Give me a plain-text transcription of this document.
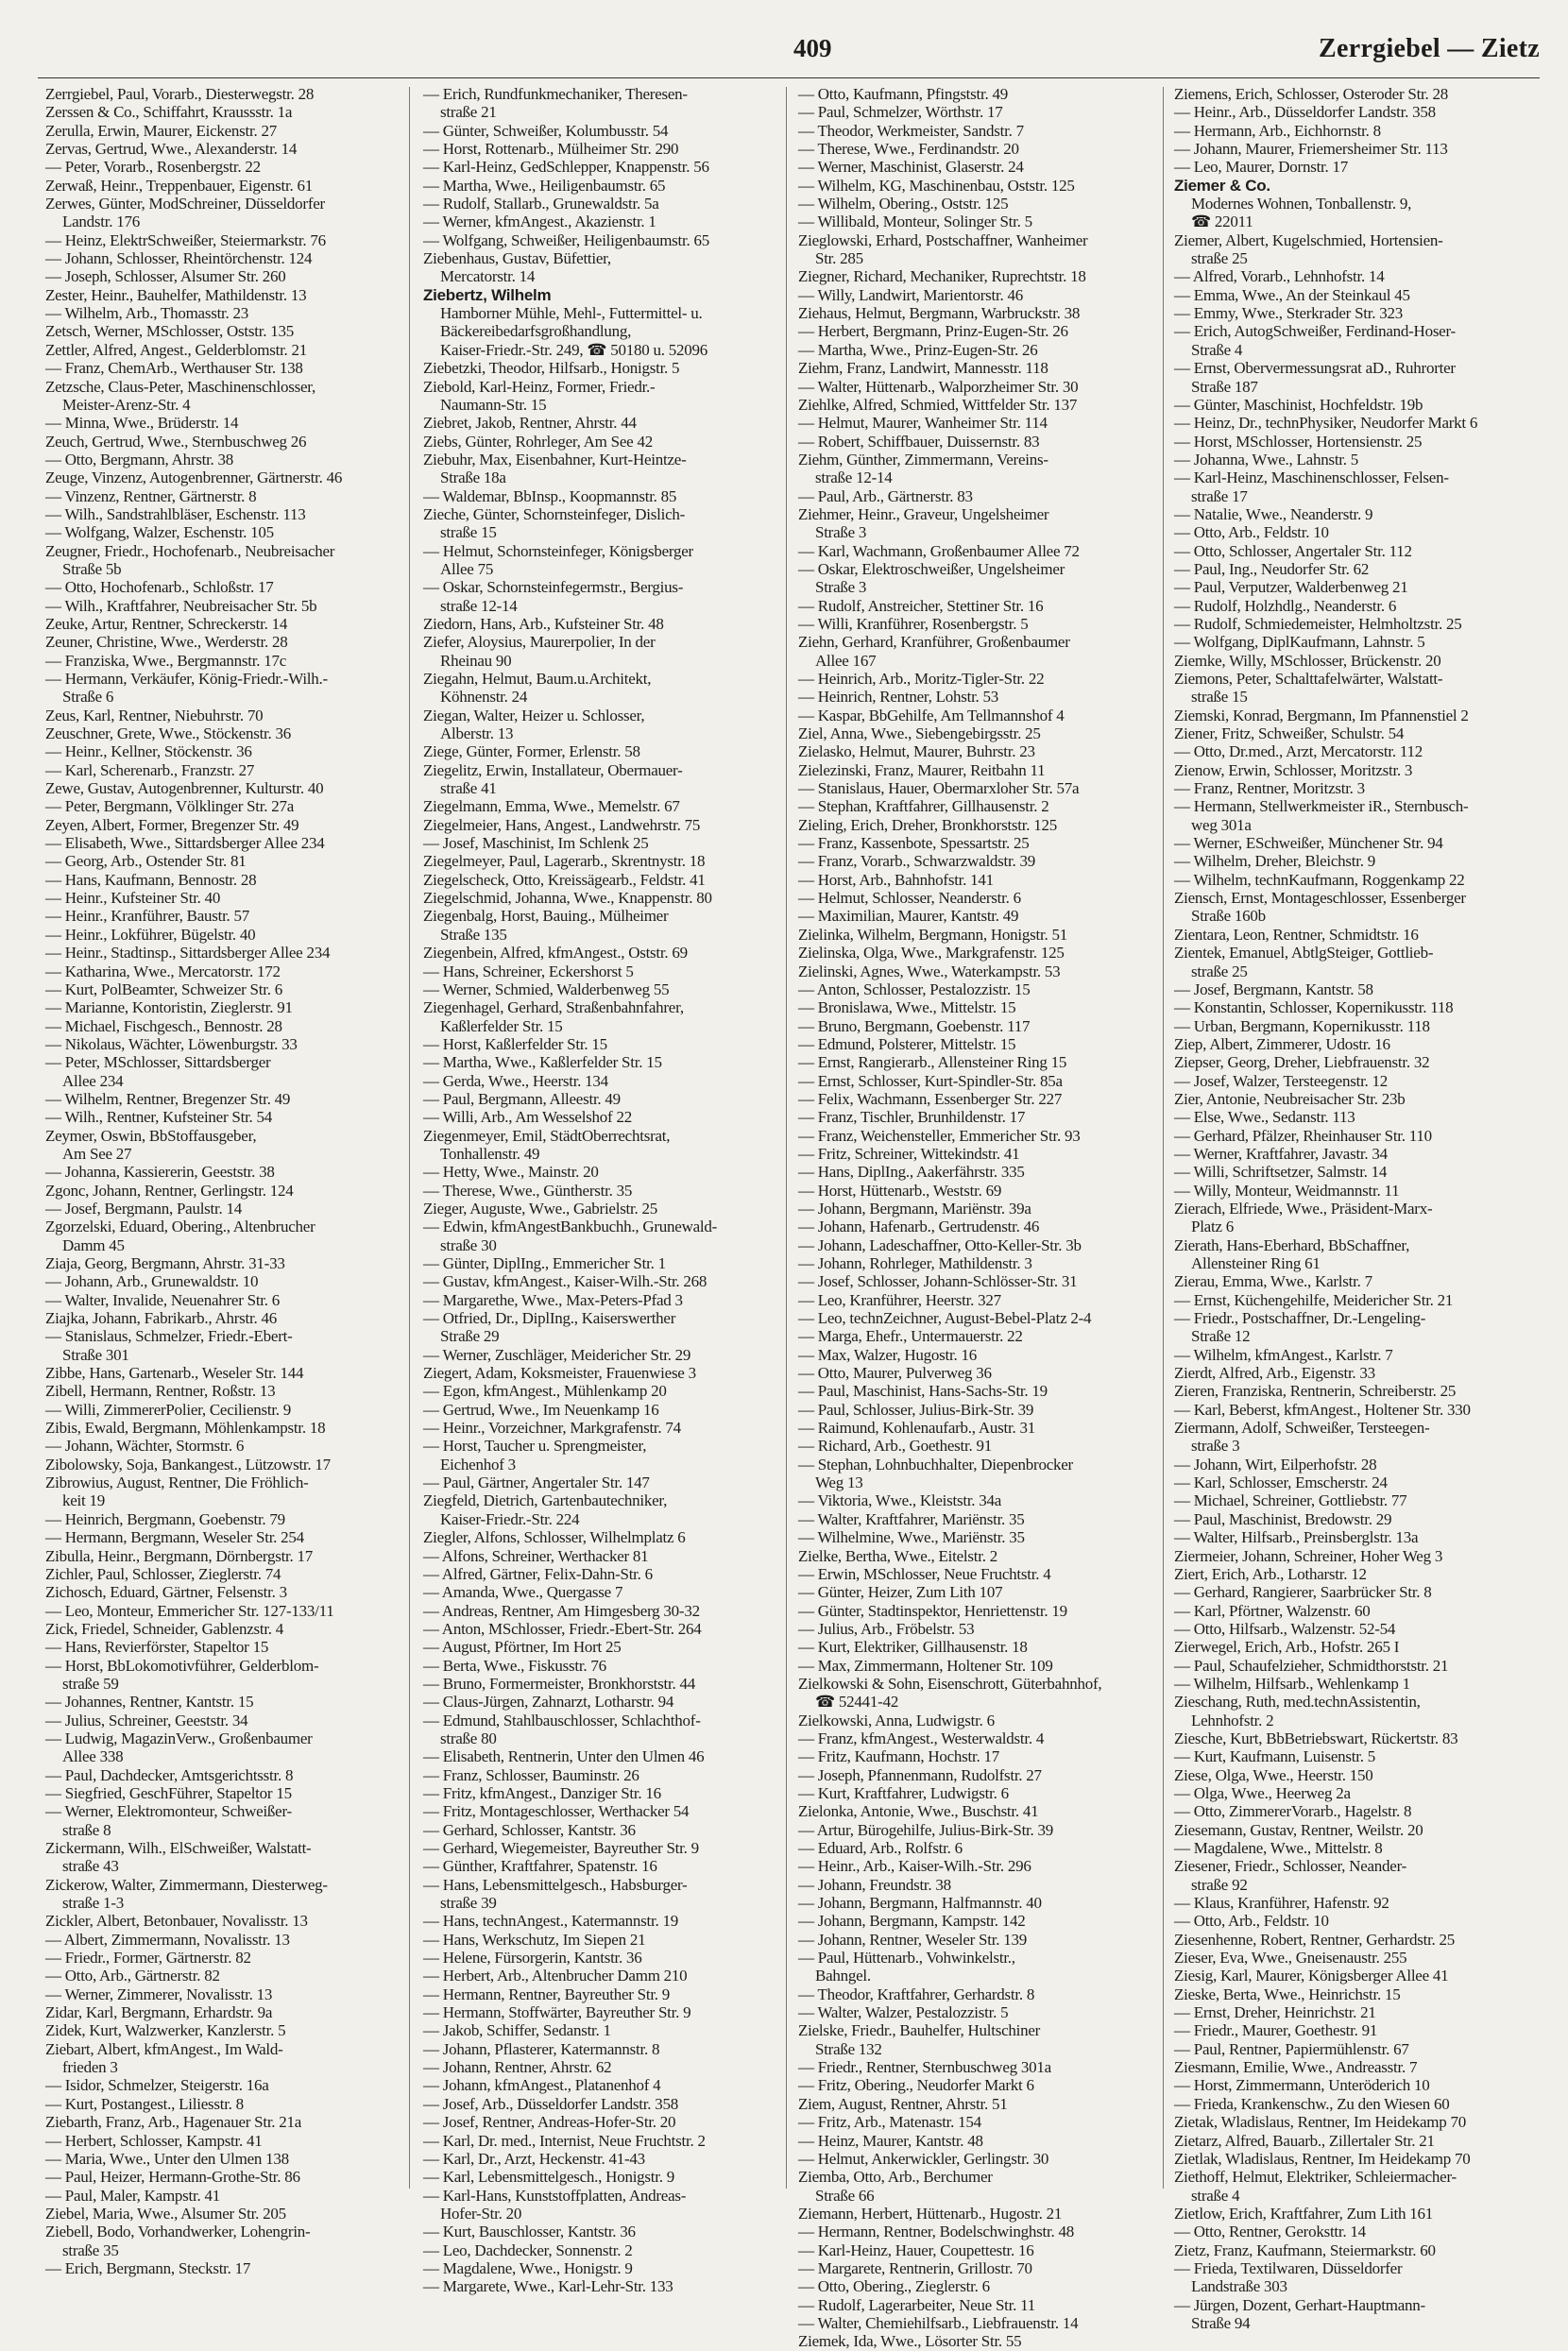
409	Zerrgiebel — Zietz
Zerrgiebel, Paul, Vorarb., Diesterwegstr. 28
Zerssen & Co., Schiffahrt, Kraussstr. 1a
Zerulla, Erwin, Maurer, Eickenstr. 27
Zervas, Gertrud, Wwe., Alexanderstr. 14
— Peter, Vorarb., Rosenbergstr. 22
Zerwaß, Heinr., Treppenbauer, Eigenstr. 61
Zerwes, Günter, ModSchreiner, Düsseldorfer
Landstr. 176
— Heinz, ElektrSchweißer, Steiermarkstr. 76
— Johann, Schlosser, Rheintörchenstr. 124
— Joseph, Schlosser, Alsumer Str. 260
Zester, Heinr., Bauhelfer, Mathildenstr. 13
— Wilhelm, Arb., Thomasstr. 23
Zetsch, Werner, MSchlosser, Oststr. 135
Zettler, Alfred, Angest., Gelderblomstr. 21
— Franz, ChemArb., Werthauser Str. 138
Zetzsche, Claus-Peter, Maschinenschlosser,
Meister-Arenz-Str. 4
— Minna, Wwe., Brüderstr. 14
Zeuch, Gertrud, Wwe., Sternbuschweg 26
— Otto, Bergmann, Ahrstr. 38
Zeuge, Vinzenz, Autogenbrenner, Gärtnerstr. 46
— Vinzenz, Rentner, Gärtnerstr. 8
— Wilh., Sandstrahlbläser, Eschenstr. 113
— Wolfgang, Walzer, Eschenstr. 105
Zeugner, Friedr., Hochofenarb., Neubreisacher
Straße 5b
— Otto, Hochofenarb., Schloßstr. 17
— Wilh., Kraftfahrer, Neubreisacher Str. 5b
Zeuke, Artur, Rentner, Schreckerstr. 14
Zeuner, Christine, Wwe., Werderstr. 28
— Franziska, Wwe., Bergmannstr. 17c
— Hermann, Verkäufer, König-Friedr.-Wilh.-
Straße 6
Zeus, Karl, Rentner, Niebuhrstr. 70
Zeuschner, Grete, Wwe., Stöckenstr. 36
— Heinr., Kellner, Stöckenstr. 36
— Karl, Scherenarb., Franzstr. 27
Zewe, Gustav, Autogenbrenner, Kulturstr. 40
— Peter, Bergmann, Völklinger Str. 27a
Zeyen, Albert, Former, Bregenzer Str. 49
— Elisabeth, Wwe., Sittardsberger Allee 234
— Georg, Arb., Ostender Str. 81
— Hans, Kaufmann, Bennostr. 28
— Heinr., Kufsteiner Str. 40
— Heinr., Kranführer, Baustr. 57
— Heinr., Lokführer, Bügelstr. 40
— Heinr., Stadtinsp., Sittardsberger Allee 234
— Katharina, Wwe., Mercatorstr. 172
— Kurt, PolBeamter, Schweizer Str. 6
— Marianne, Kontoristin, Zieglerstr. 91
— Michael, Fischgesch., Bennostr. 28
— Nikolaus, Wächter, Löwenburgstr. 33
— Peter, MSchlosser, Sittardsberger
Allee 234
— Wilhelm, Rentner, Bregenzer Str. 49
— Wilh., Rentner, Kufsteiner Str. 54
Zeymer, Oswin, BbStoffausgeber,
Am See 27
— Johanna, Kassiererin, Geeststr. 38
Zgonc, Johann, Rentner, Gerlingstr. 124
— Josef, Bergmann, Paulstr. 14
Zgorzelski, Eduard, Obering., Altenbrucher
Damm 45
Ziaja, Georg, Bergmann, Ahrstr. 31-33
— Johann, Arb., Grunewaldstr. 10
— Walter, Invalide, Neuenahrer Str. 6
Ziajka, Johann, Fabrikarb., Ahrstr. 46
— Stanislaus, Schmelzer, Friedr.-Ebert-
Straße 301
Zibbe, Hans, Gartenarb., Weseler Str. 144
Zibell, Hermann, Rentner, Roßstr. 13
— Willi, ZimmererPolier, Cecilienstr. 9
Zibis, Ewald, Bergmann, Möhlenkampstr. 18
— Johann, Wächter, Stormstr. 6
Zibolowsky, Soja, Bankangest., Lützowstr. 17
Zibrowius, August, Rentner, Die Fröhlich-
keit 19
— Heinrich, Bergmann, Goebenstr. 79
— Hermann, Bergmann, Weseler Str. 254
Zibulla, Heinr., Bergmann, Dörnbergstr. 17
Zichler, Paul, Schlosser, Zieglerstr. 74
Zichosch, Eduard, Gärtner, Felsenstr. 3
— Leo, Monteur, Emmericher Str. 127-133/11
Zick, Friedel, Schneider, Gablenzstr. 4
— Hans, Revierförster, Stapeltor 15
— Horst, BbLokomotivführer, Gelderblom-
straße 59
— Johannes, Rentner, Kantstr. 15
— Julius, Schreiner, Geeststr. 34
— Ludwig, MagazinVerw., Großenbaumer
Allee 338
— Paul, Dachdecker, Amtsgerichtsstr. 8
— Siegfried, GeschFührer, Stapeltor 15
— Werner, Elektromonteur, Schweißer-
straße 8
Zickermann, Wilh., ElSchweißer, Walstatt-
straße 43
Zickerow, Walter, Zimmermann, Diesterweg-
straße 1-3
Zickler, Albert, Betonbauer, Novalisstr. 13
— Albert, Zimmermann, Novalisstr. 13
— Friedr., Former, Gärtnerstr. 82
— Otto, Arb., Gärtnerstr. 82
— Werner, Zimmerer, Novalisstr. 13
Zidar, Karl, Bergmann, Erhardstr. 9a
Zidek, Kurt, Walzwerker, Kanzlerstr. 5
Ziebart, Albert, kfmAngest., Im Wald-
frieden 3
— Isidor, Schmelzer, Steigerstr. 16a
— Kurt, Postangest., Liliesstr. 8
Ziebarth, Franz, Arb., Hagenauer Str. 21a
— Herbert, Schlosser, Kampstr. 41
— Maria, Wwe., Unter den Ulmen 138
— Paul, Heizer, Hermann-Grothe-Str. 86
— Paul, Maler, Kampstr. 41
Ziebel, Maria, Wwe., Alsumer Str. 205
Ziebell, Bodo, Vorhandwerker, Lohengrin-
straße 35
— Erich, Bergmann, Steckstr. 17
— Erich, Rundfunkmechaniker, Theresen-
straße 21
— Günter, Schweißer, Kolumbusstr. 54
— Horst, Rottenarb., Mülheimer Str. 290
— Karl-Heinz, GedSchlepper, Knappenstr. 56
— Martha, Wwe., Heiligenbaumstr. 65
— Rudolf, Stallarb., Grunewaldstr. 5a
— Werner, kfmAngest., Akazienstr. 1
— Wolfgang, Schweißer, Heiligenbaumstr. 65
Ziebenhaus, Gustav, Büfettier,
Mercatorstr. 14
Ziebertz, Wilhelm
Hamborner Mühle, Mehl-, Futtermittel- u.
Bäckereibedarfsgroßhandlung,
Kaiser-Friedr.-Str. 249, ☎ 50180 u. 52096
Ziebetzki, Theodor, Hilfsarb., Honigstr. 5
Ziebold, Karl-Heinz, Former, Friedr.-
Naumann-Str. 15
Ziebret, Jakob, Rentner, Ahrstr. 44
Ziebs, Günter, Rohrleger, Am See 42
Ziebuhr, Max, Eisenbahner, Kurt-Heintze-
Straße 18a
— Waldemar, BbInsp., Koopmannstr. 85
Zieche, Günter, Schornsteinfeger, Dislich-
straße 15
— Helmut, Schornsteinfeger, Königsberger
Allee 75
— Oskar, Schornsteinfegermstr., Bergius-
straße 12-14
Ziedorn, Hans, Arb., Kufsteiner Str. 48
Ziefer, Aloysius, Maurerpolier, In der
Rheinau 90
Ziegahn, Helmut, Baum.u.Architekt,
Köhnenstr. 24
Ziegan, Walter, Heizer u. Schlosser,
Alberstr. 13
Ziege, Günter, Former, Erlenstr. 58
Ziegelitz, Erwin, Installateur, Obermauer-
straße 41
Ziegelmann, Emma, Wwe., Memelstr. 67
Ziegelmeier, Hans, Angest., Landwehrstr. 75
— Josef, Maschinist, Im Schlenk 25
Ziegelmeyer, Paul, Lagerarb., Skrentnystr. 18
Ziegelscheck, Otto, Kreissägearb., Feldstr. 41
Ziegelschmid, Johanna, Wwe., Knappenstr. 80
Ziegenbalg, Horst, Bauing., Mülheimer
Straße 135
Ziegenbein, Alfred, kfmAngest., Oststr. 69
— Hans, Schreiner, Eckershorst 5
— Werner, Schmied, Walderbenweg 55
Ziegenhagel, Gerhard, Straßenbahnfahrer,
Kaßlerfelder Str. 15
— Horst, Kaßlerfelder Str. 15
— Martha, Wwe., Kaßlerfelder Str. 15
— Gerda, Wwe., Heerstr. 134
— Paul, Bergmann, Alleestr. 49
— Willi, Arb., Am Wesselshof 22
Ziegenmeyer, Emil, StädtOberrechtsrat,
Tonhallenstr. 49
— Hetty, Wwe., Mainstr. 20
— Therese, Wwe., Güntherstr. 35
Zieger, Auguste, Wwe., Gabrielstr. 25
— Edwin, kfmAngestBankbuchh., Grunewald-
straße 30
— Günter, DiplIng., Emmericher Str. 1
— Gustav, kfmAngest., Kaiser-Wilh.-Str. 268
— Margarethe, Wwe., Max-Peters-Pfad 3
— Otfried, Dr., DiplIng., Kaiserswerther
Straße 29
— Werner, Zuschläger, Meidericher Str. 29
Ziegert, Adam, Koksmeister, Frauenwiese 3
— Egon, kfmAngest., Mühlenkamp 20
— Gertrud, Wwe., Im Neuenkamp 16
— Heinr., Vorzeichner, Markgrafenstr. 74
— Horst, Taucher u. Sprengmeister,
Eichenhof 3
— Paul, Gärtner, Angertaler Str. 147
Ziegfeld, Dietrich, Gartenbautechniker,
Kaiser-Friedr.-Str. 224
Ziegler, Alfons, Schlosser, Wilhelmplatz 6
— Alfons, Schreiner, Werthacker 81
— Alfred, Gärtner, Felix-Dahn-Str. 6
— Amanda, Wwe., Quergasse 7
— Andreas, Rentner, Am Himgesberg 30-32
— Anton, MSchlosser, Friedr.-Ebert-Str. 264
— August, Pförtner, Im Hort 25
— Berta, Wwe., Fiskusstr. 76
— Bruno, Formermeister, Bronkhorststr. 44
— Claus-Jürgen, Zahnarzt, Lotharstr. 94
— Edmund, Stahlbauschlosser, Schlachthof-
straße 80
— Elisabeth, Rentnerin, Unter den Ulmen 46
— Franz, Schlosser, Bauminstr. 26
— Fritz, kfmAngest., Danziger Str. 16
— Fritz, Montageschlosser, Werthacker 54
— Gerhard, Schlosser, Kantstr. 36
— Gerhard, Wiegemeister, Bayreuther Str. 9
— Günther, Kraftfahrer, Spatenstr. 16
— Hans, Lebensmittelgesch., Habsburger-
straße 39
— Hans, technAngest., Katermannstr. 19
— Hans, Werkschutz, Im Siepen 21
— Helene, Fürsorgerin, Kantstr. 36
— Herbert, Arb., Altenbrucher Damm 210
— Hermann, Rentner, Bayreuther Str. 9
— Hermann, Stoffwärter, Bayreuther Str. 9
— Jakob, Schiffer, Sedanstr. 1
— Johann, Pflasterer, Katermannstr. 8
— Johann, Rentner, Ahrstr. 62
— Johann, kfmAngest., Platanenhof 4
— Josef, Arb., Düsseldorfer Landstr. 358
— Josef, Rentner, Andreas-Hofer-Str. 20
— Karl, Dr. med., Internist, Neue Fruchtstr. 2
— Karl, Dr., Arzt, Heckenstr. 41-43
— Karl, Lebensmittelgesch., Honigstr. 9
— Karl-Hans, Kunststoffplatten, Andreas-
Hofer-Str. 20
— Kurt, Bauschlosser, Kantstr. 36
— Leo, Dachdecker, Sonnenstr. 2
— Magdalene, Wwe., Honigstr. 9
— Margarete, Wwe., Karl-Lehr-Str. 133
— Otto, Kaufmann, Pfingststr. 49
— Paul, Schmelzer, Wörthstr. 17
— Theodor, Werkmeister, Sandstr. 7
— Therese, Wwe., Ferdinandstr. 20
— Werner, Maschinist, Glaserstr. 24
— Wilhelm, KG, Maschinenbau, Oststr. 125
— Wilhelm, Obering., Oststr. 125
— Willibald, Monteur, Solinger Str. 5
Zieglowski, Erhard, Postschaffner, Wanheimer
Str. 285
Ziegner, Richard, Mechaniker, Ruprechtstr. 18
— Willy, Landwirt, Marientorstr. 46
Ziehaus, Helmut, Bergmann, Warbruckstr. 38
— Herbert, Bergmann, Prinz-Eugen-Str. 26
— Martha, Wwe., Prinz-Eugen-Str. 26
Ziehm, Franz, Landwirt, Mannesstr. 118
— Walter, Hüttenarb., Walporzheimer Str. 30
Ziehlke, Alfred, Schmied, Wittfelder Str. 137
— Helmut, Maurer, Wanheimer Str. 114
— Robert, Schiffbauer, Duissernstr. 83
Ziehm, Günther, Zimmermann, Vereins-
straße 12-14
— Paul, Arb., Gärtnerstr. 83
Ziehmer, Heinr., Graveur, Ungelsheimer
Straße 3
— Karl, Wachmann, Großenbaumer Allee 72
— Oskar, Elektroschweißer, Ungelsheimer
Straße 3
— Rudolf, Anstreicher, Stettiner Str. 16
— Willi, Kranführer, Rosenbergstr. 5
Ziehn, Gerhard, Kranführer, Großenbaumer
Allee 167
— Heinrich, Arb., Moritz-Tigler-Str. 22
— Heinrich, Rentner, Lohstr. 53
— Kaspar, BbGehilfe, Am Tellmannshof 4
Ziel, Anna, Wwe., Siebengebirgsstr. 25
Zielasko, Helmut, Maurer, Buhrstr. 23
Zielezinski, Franz, Maurer, Reitbahn 11
— Stanislaus, Hauer, Obermarxloher Str. 57a
— Stephan, Kraftfahrer, Gillhausenstr. 2
Zieling, Erich, Dreher, Bronkhorststr. 125
— Franz, Kassenbote, Spessartstr. 25
— Franz, Vorarb., Schwarzwaldstr. 39
— Horst, Arb., Bahnhofstr. 141
— Helmut, Schlosser, Neanderstr. 6
— Maximilian, Maurer, Kantstr. 49
Zielinka, Wilhelm, Bergmann, Honigstr. 51
Zielinska, Olga, Wwe., Markgrafenstr. 125
Zielinski, Agnes, Wwe., Waterkampstr. 53
— Anton, Schlosser, Pestalozzistr. 15
— Bronislawa, Wwe., Mittelstr. 15
— Bruno, Bergmann, Goebenstr. 117
— Edmund, Polsterer, Mittelstr. 15
— Ernst, Rangierarb., Allensteiner Ring 15
— Ernst, Schlosser, Kurt-Spindler-Str. 85a
— Felix, Wachmann, Essenberger Str. 227
— Franz, Tischler, Brunhildenstr. 17
— Franz, Weichensteller, Emmericher Str. 93
— Fritz, Schreiner, Wittekindstr. 41
— Hans, DiplIng., Aakerfährstr. 335
— Horst, Hüttenarb., Weststr. 69
— Johann, Bergmann, Mariënstr. 39a
— Johann, Hafenarb., Gertrudenstr. 46
— Johann, Ladeschaffner, Otto-Keller-Str. 3b
— Johann, Rohrleger, Mathildenstr. 3
— Josef, Schlosser, Johann-Schlösser-Str. 31
— Leo, Kranführer, Heerstr. 327
— Leo, technZeichner, August-Bebel-Platz 2-4
— Marga, Ehefr., Untermauerstr. 22
— Max, Walzer, Hugostr. 16
— Otto, Maurer, Pulverweg 36
— Paul, Maschinist, Hans-Sachs-Str. 19
— Paul, Schlosser, Julius-Birk-Str. 39
— Raimund, Kohlenaufarb., Austr. 31
— Richard, Arb., Goethestr. 91
— Stephan, Lohnbuchhalter, Diepenbrocker
Weg 13
— Viktoria, Wwe., Kleiststr. 34a
— Walter, Kraftfahrer, Mariënstr. 35
— Wilhelmine, Wwe., Mariënstr. 35
Zielke, Bertha, Wwe., Eitelstr. 2
— Erwin, MSchlosser, Neue Fruchtstr. 4
— Günter, Heizer, Zum Lith 107
— Günter, Stadtinspektor, Henriettenstr. 19
— Julius, Arb., Fröbelstr. 53
— Kurt, Elektriker, Gillhausenstr. 18
— Max, Zimmermann, Holtener Str. 109
Zielkowski & Sohn, Eisenschrott, Güterbahnhof,
☎ 52441-42
Zielkowski, Anna, Ludwigstr. 6
— Franz, kfmAngest., Westerwaldstr. 4
— Fritz, Kaufmann, Hochstr. 17
— Joseph, Pfannenmann, Rudolfstr. 27
— Kurt, Kraftfahrer, Ludwigstr. 6
Zielonka, Antonie, Wwe., Buschstr. 41
— Artur, Bürogehilfe, Julius-Birk-Str. 39
— Eduard, Arb., Rolfstr. 6
— Heinr., Arb., Kaiser-Wilh.-Str. 296
— Johann, Freundstr. 38
— Johann, Bergmann, Halfmannstr. 40
— Johann, Bergmann, Kampstr. 142
— Johann, Rentner, Weseler Str. 139
— Paul, Hüttenarb., Vohwinkelstr.,
Bahngel.
— Theodor, Kraftfahrer, Gerhardstr. 8
— Walter, Walzer, Pestalozzistr. 5
Zielske, Friedr., Bauhelfer, Hultschiner
Straße 132
— Friedr., Rentner, Sternbuschweg 301a
— Fritz, Obering., Neudorfer Markt 6
Ziem, August, Rentner, Ahrstr. 51
— Fritz, Arb., Matenastr. 154
— Heinz, Maurer, Kantstr. 48
— Helmut, Ankerwickler, Gerlingstr. 30
Ziemba, Otto, Arb., Berchumer
Straße 66
Ziemann, Herbert, Hüttenarb., Hugostr. 21
— Hermann, Rentner, Bodelschwinghstr. 48
— Karl-Heinz, Hauer, Coupettestr. 16
— Margarete, Rentnerin, Grillostr. 70
— Otto, Obering., Zieglerstr. 6
— Rudolf, Lagerarbeiter, Neue Str. 11
— Walter, Chemiehilfsarb., Liebfrauenstr. 14
Ziemek, Ida, Wwe., Lösorter Str. 55
Ziemens, Erich, Schlosser, Osteroder Str. 28
— Heinr., Arb., Düsseldorfer Landstr. 358
— Hermann, Arb., Eichhornstr. 8
— Johann, Maurer, Friemersheimer Str. 113
— Leo, Maurer, Dornstr. 17
Ziemer & Co.
Modernes Wohnen, Tonballenstr. 9,
☎ 22011
Ziemer, Albert, Kugelschmied, Hortensien-
straße 25
— Alfred, Vorarb., Lehnhofstr. 14
— Emma, Wwe., An der Steinkaul 45
— Emmy, Wwe., Sterkrader Str. 323
— Erich, AutogSchweißer, Ferdinand-Hoser-
Straße 4
— Ernst, Obervermessungsrat aD., Ruhrorter
Straße 187
— Günter, Maschinist, Hochfeldstr. 19b
— Heinz, Dr., technPhysiker, Neudorfer Markt 6
— Horst, MSchlosser, Hortensienstr. 25
— Johanna, Wwe., Lahnstr. 5
— Karl-Heinz, Maschinenschlosser, Felsen-
straße 17
— Natalie, Wwe., Neanderstr. 9
— Otto, Arb., Feldstr. 10
— Otto, Schlosser, Angertaler Str. 112
— Paul, Ing., Neudorfer Str. 62
— Paul, Verputzer, Walderbenweg 21
— Rudolf, Holzhdlg., Neanderstr. 6
— Rudolf, Schmiedemeister, Helmholtzstr. 25
— Wolfgang, DiplKaufmann, Lahnstr. 5
Ziemke, Willy, MSchlosser, Brückenstr. 20
Ziemons, Peter, Schalttafelwärter, Walstatt-
straße 15
Ziemski, Konrad, Bergmann, Im Pfannenstiel 2
Ziener, Fritz, Schweißer, Schulstr. 54
— Otto, Dr.med., Arzt, Mercatorstr. 112
Zienow, Erwin, Schlosser, Moritzstr. 3
— Franz, Rentner, Moritzstr. 3
— Hermann, Stellwerkmeister iR., Sternbusch-
weg 301a
— Werner, ESchweißer, Münchener Str. 94
— Wilhelm, Dreher, Bleichstr. 9
— Wilhelm, technKaufmann, Roggenkamp 22
Ziensch, Ernst, Montageschlosser, Essenberger
Straße 160b
Zientara, Leon, Rentner, Schmidtstr. 16
Zientek, Emanuel, AbtlgSteiger, Gottlieb-
straße 25
— Josef, Bergmann, Kantstr. 58
— Konstantin, Schlosser, Kopernikusstr. 118
— Urban, Bergmann, Kopernikusstr. 118
Ziep, Albert, Zimmerer, Udostr. 16
Ziepser, Georg, Dreher, Liebfrauenstr. 32
— Josef, Walzer, Tersteegenstr. 12
Zier, Antonie, Neubreisacher Str. 23b
— Else, Wwe., Sedanstr. 113
— Gerhard, Pfälzer, Rheinhauser Str. 110
— Werner, Kraftfahrer, Javastr. 34
— Willi, Schriftsetzer, Salmstr. 14
— Willy, Monteur, Weidmannstr. 11
Zierach, Elfriede, Wwe., Präsident-Marx-
Platz 6
Zierath, Hans-Eberhard, BbSchaffner,
Allensteiner Ring 61
Zierau, Emma, Wwe., Karlstr. 7
— Ernst, Küchengehilfe, Meidericher Str. 21
— Friedr., Postschaffner, Dr.-Lengeling-
Straße 12
— Wilhelm, kfmAngest., Karlstr. 7
Zierdt, Alfred, Arb., Eigenstr. 33
Zieren, Franziska, Rentnerin, Schreiberstr. 25
— Karl, Beberst, kfmAngest., Holtener Str. 330
Ziermann, Adolf, Schweißer, Tersteegen-
straße 3
— Johann, Wirt, Eilperhofstr. 28
— Karl, Schlosser, Emscherstr. 24
— Michael, Schreiner, Gottliebstr. 77
— Paul, Maschinist, Bredowstr. 29
— Walter, Hilfsarb., Preinsberglstr. 13a
Ziermeier, Johann, Schreiner, Hoher Weg 3
Ziert, Erich, Arb., Lotharstr. 12
— Gerhard, Rangierer, Saarbrücker Str. 8
— Karl, Pförtner, Walzenstr. 60
— Otto, Hilfsarb., Walzenstr. 52-54
Zierwegel, Erich, Arb., Hofstr. 265 I
— Paul, Schaufelzieher, Schmidthorststr. 21
— Wilhelm, Hilfsarb., Wehlenkamp 1
Zieschang, Ruth, med.technAssistentin,
Lehnhofstr. 2
Ziesche, Kurt, BbBetriebswart, Rückertstr. 83
— Kurt, Kaufmann, Luisenstr. 5
Ziese, Olga, Wwe., Heerstr. 150
— Olga, Wwe., Heerweg 2a
— Otto, ZimmererVorarb., Hagelstr. 8
Ziesemann, Gustav, Rentner, Weilstr. 20
— Magdalene, Wwe., Mittelstr. 8
Ziesener, Friedr., Schlosser, Neander-
straße 92
— Klaus, Kranführer, Hafenstr. 92
— Otto, Arb., Feldstr. 10
Ziesenhenne, Robert, Rentner, Gerhardstr. 25
Zieser, Eva, Wwe., Gneisenaustr. 255
Ziesig, Karl, Maurer, Königsberger Allee 41
Zieske, Berta, Wwe., Heinrichstr. 15
— Ernst, Dreher, Heinrichstr. 21
— Friedr., Maurer, Goethestr. 91
— Paul, Rentner, Papiermühlenstr. 67
Ziesmann, Emilie, Wwe., Andreasstr. 7
— Horst, Zimmermann, Unteröderich 10
— Frieda, Krankenschw., Zu den Wiesen 60
Zietak, Wladislaus, Rentner, Im Heidekamp 70
Zietarz, Alfred, Bauarb., Zillertaler Str. 21
Zietlak, Wladislaus, Rentner, Im Heidekamp 70
Ziethoff, Helmut, Elektriker, Schleiermacher-
straße 4
Zietlow, Erich, Kraftfahrer, Zum Lith 161
— Otto, Rentner, Geroksttr. 14
Zietz, Franz, Kaufmann, Steiermarkstr. 60
— Frieda, Textilwaren, Düsseldorfer
Landstraße 303
— Jürgen, Dozent, Gerhart-Hauptmann-
Straße 94
